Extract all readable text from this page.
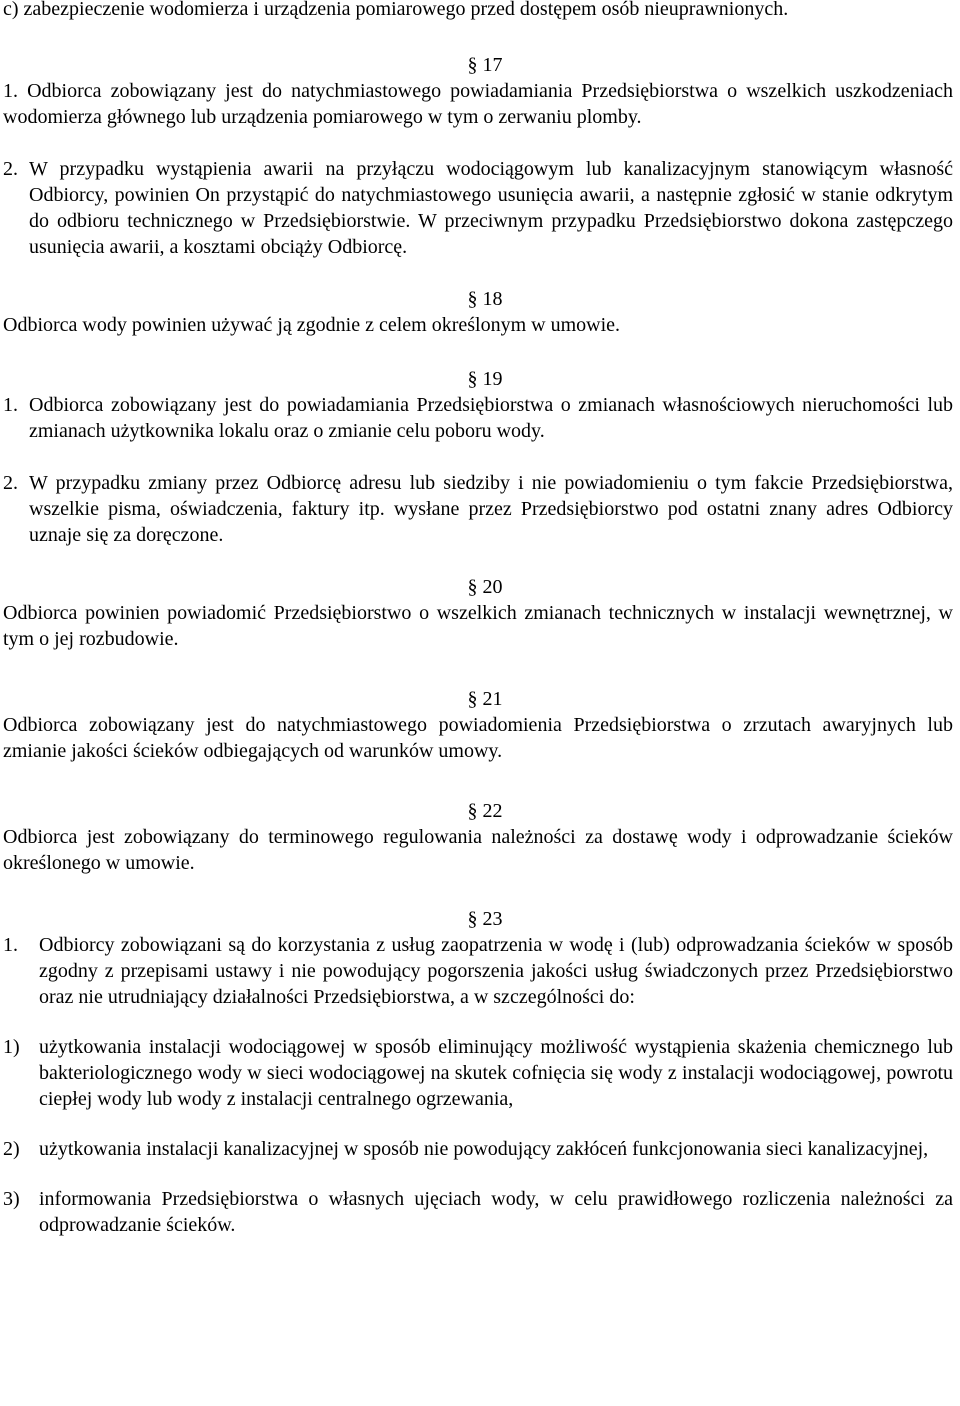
c) zabezpieczenie wodomierza i urządzenia pomiarowego przed dostępem osób nieuprawnionych.

§ 17

1. Odbiorca zobowiązany jest do natychmiastowego powiadamiania Przedsiębiorstwa o wszelkich uszkodzeniach wodomierza głównego lub urządzenia pomiarowego w tym o zerwaniu plomby.

2. W przypadku wystąpienia awarii na przyłączu wodociągowym lub kanalizacyjnym stanowiącym własność Odbiorcy, powinien On przystąpić do natychmiastowego usunięcia awarii, a następnie zgłosić w stanie odkrytym do odbioru technicznego w Przedsiębiorstwie. W przeciwnym przypadku Przedsiębiorstwo dokona zastępczego usunięcia awarii, a kosztami obciąży Odbiorcę.

§ 18

Odbiorca wody powinien używać ją zgodnie z celem określonym w umowie.

§ 19

1. Odbiorca zobowiązany jest do powiadamiania Przedsiębiorstwa o zmianach własnościowych nieruchomości lub zmianach użytkownika lokalu oraz o zmianie celu poboru wody.
2. W przypadku zmiany przez Odbiorcę adresu lub siedziby i nie powiadomieniu o tym fakcie Przedsiębiorstwa, wszelkie pisma, oświadczenia, faktury itp. wysłane przez Przedsiębiorstwo pod ostatni znany adres Odbiorcy uznaje się za doręczone.

§ 20

Odbiorca powinien powiadomić Przedsiębiorstwo o wszelkich zmianach technicznych w instalacji wewnętrznej, w tym o jej rozbudowie.

§ 21

Odbiorca zobowiązany jest do natychmiastowego powiadomienia Przedsiębiorstwa o zrzutach awaryjnych lub zmianie jakości ścieków odbiegających od warunków umowy.

§ 22

Odbiorca jest zobowiązany do terminowego regulowania należności za dostawę wody i odprowadzanie ścieków określonego w umowie.

§ 23

1.	Odbiorcy zobowiązani są do korzystania z usług zaopatrzenia w wodę i (lub) odprowadzania ścieków w sposób zgodny z przepisami ustawy i nie powodujący pogorszenia jakości usług świadczonych przez Przedsiębiorstwo oraz nie utrudniający działalności Przedsiębiorstwa, a w szczególności do:
1) użytkowania instalacji wodociągowej w sposób eliminujący możliwość wystąpienia skażenia chemicznego lub bakteriologicznego wody w sieci wodociągowej na skutek cofnięcia się wody z instalacji wodociągowej, powrotu ciepłej wody lub wody z instalacji centralnego ogrzewania,
2) użytkowania instalacji kanalizacyjnej w sposób nie powodujący zakłóceń funkcjonowania sieci kanalizacyjnej,
3) informowania Przedsiębiorstwa o własnych ujęciach wody, w celu prawidłowego rozliczenia należności za odprowadzanie ścieków.
